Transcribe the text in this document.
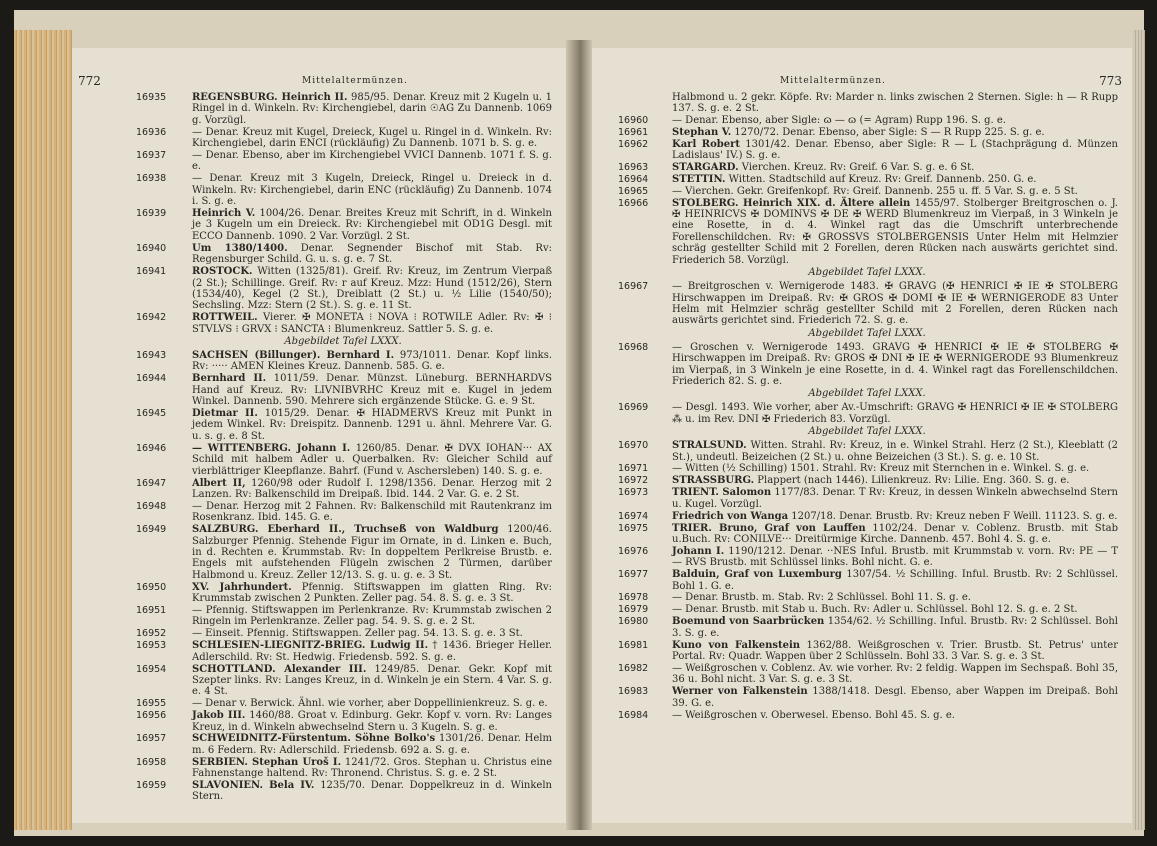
772	Mittelaltermünzen.
16935	REGENSBURG. Heinrich II. 985/95. Denar. Kreuz mit 2 Kugeln u. 1 Ringel in d. Winkeln. Rv: Kirchengiebel, darin ☉AG Zu Dannenb. 1069 g. Vorzügl.
16936	— Denar. Kreuz mit Kugel, Dreieck, Kugel u. Ringel in d. Winkeln. Rv: Kirchengiebel, darin ENCI (rückläufig) Zu Dannenb. 1071 b. S. g. e.
16937	— Denar. Ebenso, aber im Kirchengiebel VVICI Dannenb. 1071 f. S. g. e.
16938	— Denar. Kreuz mit 3 Kugeln, Dreieck, Ringel u. Dreieck in d. Winkeln. Rv: Kirchengiebel, darin ENC (rückläufig) Zu Dannenb. 1074 i. S. g. e.
16939	Heinrich V. 1004/26. Denar. Breites Kreuz mit Schrift, in d. Winkeln je 3 Kugeln um ein Dreieck. Rv: Kirchengiebel mit OD1G Desgl. mit ECCO Dannenb. 1090. 2 Var. Vorzügl. 2 St.
16940	Um 1380/1400. Denar. Segnender Bischof mit Stab. Rv: Regensburger Schild. G. u. s. g. e. 7 St.
16941	ROSTOCK. Witten (1325/81). Greif. Rv: Kreuz, im Zentrum Vierpaß (2 St.); Schillinge. Greif. Rv: r auf Kreuz. Mzz: Hund (1512/26), Stern (1534/40), Kegel (2 St.), Dreiblatt (2 St.) u. ½ Lilie (1540/50); Sechsling. Mzz: Stern (2 St.). S. g. e. 11 St.
16942	ROTTWEIL. Vierer. ✠ MONETA ⁝ NOVA ⁝ ROTWILE Adler. Rv: ✠ ⁝ STVLVS ⁝ GRVX ⁝ SANCTA ⁝ Blumenkreuz. Sattler 5. S. g. e.
Abgebildet Tafel LXXX.
16943	SACHSEN (Billunger). Bernhard I. 973/1011. Denar. Kopf links. Rv: ····· AMEN Kleines Kreuz. Dannenb. 585. G. e.
16944	Bernhard II. 1011/59. Denar. Münzst. Lüneburg. BERNHARDVS Hand auf Kreuz. Rv: LIVNIBVRHC Kreuz mit e. Kugel in jedem Winkel. Dannenb. 590. Mehrere sich ergänzende Stücke. G. e. 9 St.
16945	Dietmar II. 1015/29. Denar. ✠ HIADMERVS Kreuz mit Punkt in jedem Winkel. Rv: Dreispitz. Dannenb. 1291 u. ähnl. Mehrere Var. G. u. s. g. e. 8 St.
16946	— WITTENBERG. Johann I. 1260/85. Denar. ✠ DVX IOHAN··· AX Schild mit halbem Adler u. Querbalken. Rv: Gleicher Schild auf vierblättriger Kleepflanze. Bahrf. (Fund v. Aschersleben) 140. S. g. e.
16947	Albert II, 1260/98 oder Rudolf I. 1298/1356. Denar. Herzog mit 2 Lanzen. Rv: Balkenschild im Dreipaß. Ibid. 144. 2 Var. G. e. 2 St.
16948	— Denar. Herzog mit 2 Fahnen. Rv: Balkenschild mit Rautenkranz im Rosenkranz. Ibid. 145. G. e.
16949	SALZBURG. Eberhard II., Truchseß von Waldburg 1200/46. Salzburger Pfennig. Stehende Figur im Ornate, in d. Linken e. Buch, in d. Rechten e. Krummstab. Rv: In doppeltem Perlkreise Brustb. e. Engels mit aufstehenden Flügeln zwischen 2 Türmen, darüber Halbmond u. Kreuz. Zeller 12/13. S. g. u. g. e. 3 St.
16950	XV. Jahrhundert. Pfennig. Stiftswappen im glatten Ring. Rv: Krummstab zwischen 2 Punkten. Zeller pag. 54. 8. S. g. e. 3 St.
16951	— Pfennig. Stiftswappen im Perlenkranze. Rv: Krummstab zwischen 2 Ringeln im Perlenkranze. Zeller pag. 54. 9. S. g. e. 2 St.
16952	— Einseit. Pfennig. Stiftswappen. Zeller pag. 54. 13. S. g. e. 3 St.
16953	SCHLESIEN-LIEGNITZ-BRIEG. Ludwig II. † 1436. Brieger Heller. Adlerschild. Rv: St. Hedwig. Friedensb. 592. S. g. e.
16954	SCHOTTLAND. Alexander III. 1249/85. Denar. Gekr. Kopf mit Szepter links. Rv: Langes Kreuz, in d. Winkeln je ein Stern. 4 Var. S. g. e. 4 St.
16955	— Denar v. Berwick. Ähnl. wie vorher, aber Doppellinienkreuz. S. g. e.
16956	Jakob III. 1460/88. Groat v. Edinburg. Gekr. Kopf v. vorn. Rv: Langes Kreuz, in d. Winkeln abwechselnd Stern u. 3 Kugeln. S. g. e.
16957	SCHWEIDNITZ-Fürstentum. Söhne Bolko's 1301/26. Denar. Helm m. 6 Federn. Rv: Adlerschild. Friedensb. 692 a. S. g. e.
16958	SERBIEN. Stephan Uroš I. 1241/72. Gros. Stephan u. Christus eine Fahnenstange haltend. Rv: Thronend. Christus. S. g. e. 2 St.
16959	SLAVONIEN. Bela IV. 1235/70. Denar. Doppelkreuz in d. Winkeln Stern.
Mittelaltermünzen.	773
Halbmond u. 2 gekr. Köpfe. Rv: Marder n. links zwischen 2 Sternen. Sigle: h — R Rupp 137. S. g. e. 2 St.
16960 — Denar. Ebenso, aber Sigle: ɷ — ɷ (= Agram) Rupp 196. S. g. e.
16961 Stephan V. 1270/72. Denar. Ebenso, aber Sigle: S — R Rupp 225. S. g. e.
16962 Karl Robert 1301/42. Denar. Ebenso, aber Sigle: R — L (Stachprägung d. Münzen Ladislaus' IV.) S. g. e.
16963 STARGARD. Vierchen. Kreuz. Rv: Greif. 6 Var. S. g. e. 6 St.
16964 STETTIN. Witten. Stadtschild auf Kreuz. Rv: Greif. Dannenb. 250. G. e.
16965 — Vierchen. Gekr. Greifenkopf. Rv: Greif. Dannenb. 255 u. ff. 5 Var. S. g. e. 5 St.
16966 STOLBERG. Heinrich XIX. d. Ältere allein 1455/97. Stolberger Breitgroschen o. J. ✠ HEINRICVS ✠ DOMINVS ✠ DE ✠ WERD Blumenkreuz im Vierpaß, in 3 Winkeln je eine Rosette, in d. 4. Winkel ragt das die Umschrift unterbrechende Forellenschildchen. Rv: ✠ GROSSVS STOLBERGENSIS Unter Helm mit Helmzier schräg gestellter Schild mit 2 Forellen, deren Rücken nach auswärts gerichtet sind. Friederich 58. Vorzügl.
Abgebildet Tafel LXXX.
16967 — Breitgroschen v. Wernigerode 1483. ✠ GRAVG (✠ HENRICI ✠ IE ✠ STOLBERG Hirschwappen im Dreipaß. Rv: ✠ GROS ✠ DOMI ✠ IE ✠ WERNIGERODE 83 Unter Helm mit Helmzier schräg gestellter Schild mit 2 Forellen, deren Rücken nach auswärts gerichtet sind. Friederich 72. S. g. e.
Abgebildet Tafel LXXX.
16968 — Groschen v. Wernigerode 1493. GRAVG ✠ HENRICI ✠ IE ✠ STOLBERG ✠ Hirschwappen im Dreipaß. Rv: GROS ✠ DNI ✠ IE ✠ WERNIGERODE 93 Blumenkreuz im Vierpaß, in 3 Winkeln je eine Rosette, in d. 4. Winkel ragt das Forellenschildchen. Friederich 82. S. g. e.
Abgebildet Tafel LXXX.
16969 — Desgl. 1493. Wie vorher, aber Av.-Umschrift: GRAVG ✠ HENRICI ✠ IE ✠ STOLBERG ⁂ u. im Rev. DNI ✠ Friederich 83. Vorzügl.
Abgebildet Tafel LXXX.
16970 STRALSUND. Witten. Strahl. Rv: Kreuz, in e. Winkel Strahl. Herz (2 St.), Kleeblatt (2 St.), undeutl. Beizeichen (2 St.) u. ohne Beizeichen (3 St.). S. g. e. 10 St.
16971 — Witten (½ Schilling) 1501. Strahl. Rv: Kreuz mit Sternchen in e. Winkel. S. g. e.
16972 STRASSBURG. Plappert (nach 1446). Lilienkreuz. Rv: Lilie. Eng. 360. S. g. e.
16973 TRIENT. Salomon 1177/83. Denar. T Rv: Kreuz, in dessen Winkeln abwechselnd Stern u. Kugel. Vorzügl.
16974 Friedrich von Wanga 1207/18. Denar. Brustb. Rv: Kreuz neben F Weill. 11123. S. g. e.
16975 TRIER. Bruno, Graf von Lauffen 1102/24. Denar v. Coblenz. Brustb. mit Stab u.Buch. Rv: CONILVE··· Dreitürmige Kirche. Dannenb. 457. Bohl 4. S. g. e.
16976 Johann I. 1190/1212. Denar. ··NES Inful. Brustb. mit Krummstab v. vorn. Rv: PE — T — RVS Brustb. mit Schlüssel links. Bohl nicht. G. e.
16977 Balduin, Graf von Luxemburg 1307/54. ½ Schilling. Inful. Brustb. Rv: 2 Schlüssel. Bohl 1. G. e.
16978 — Denar. Brustb. m. Stab. Rv: 2 Schlüssel. Bohl 11. S. g. e.
16979 — Denar. Brustb. mit Stab u. Buch. Rv: Adler u. Schlüssel. Bohl 12. S. g. e. 2 St.
16980 Boemund von Saarbrücken 1354/62. ½ Schilling. Inful. Brustb. Rv: 2 Schlüssel. Bohl 3. S. g. e.
16981 Kuno von Falkenstein 1362/88. Weißgroschen v. Trier. Brustb. St. Petrus' unter Portal. Rv: Quadr. Wappen über 2 Schlüsseln. Bohl 33. 3 Var. S. g. e. 3 St.
16982 — Weißgroschen v. Coblenz. Av. wie vorher. Rv: 2 feldig. Wappen im Sechspaß. Bohl 35, 36 u. Bohl nicht. 3 Var. S. g. e. 3 St.
16983 Werner von Falkenstein 1388/1418. Desgl. Ebenso, aber Wappen im Dreipaß. Bohl 39. G. e.
16984 — Weißgroschen v. Oberwesel. Ebenso. Bohl 45. S. g. e.
